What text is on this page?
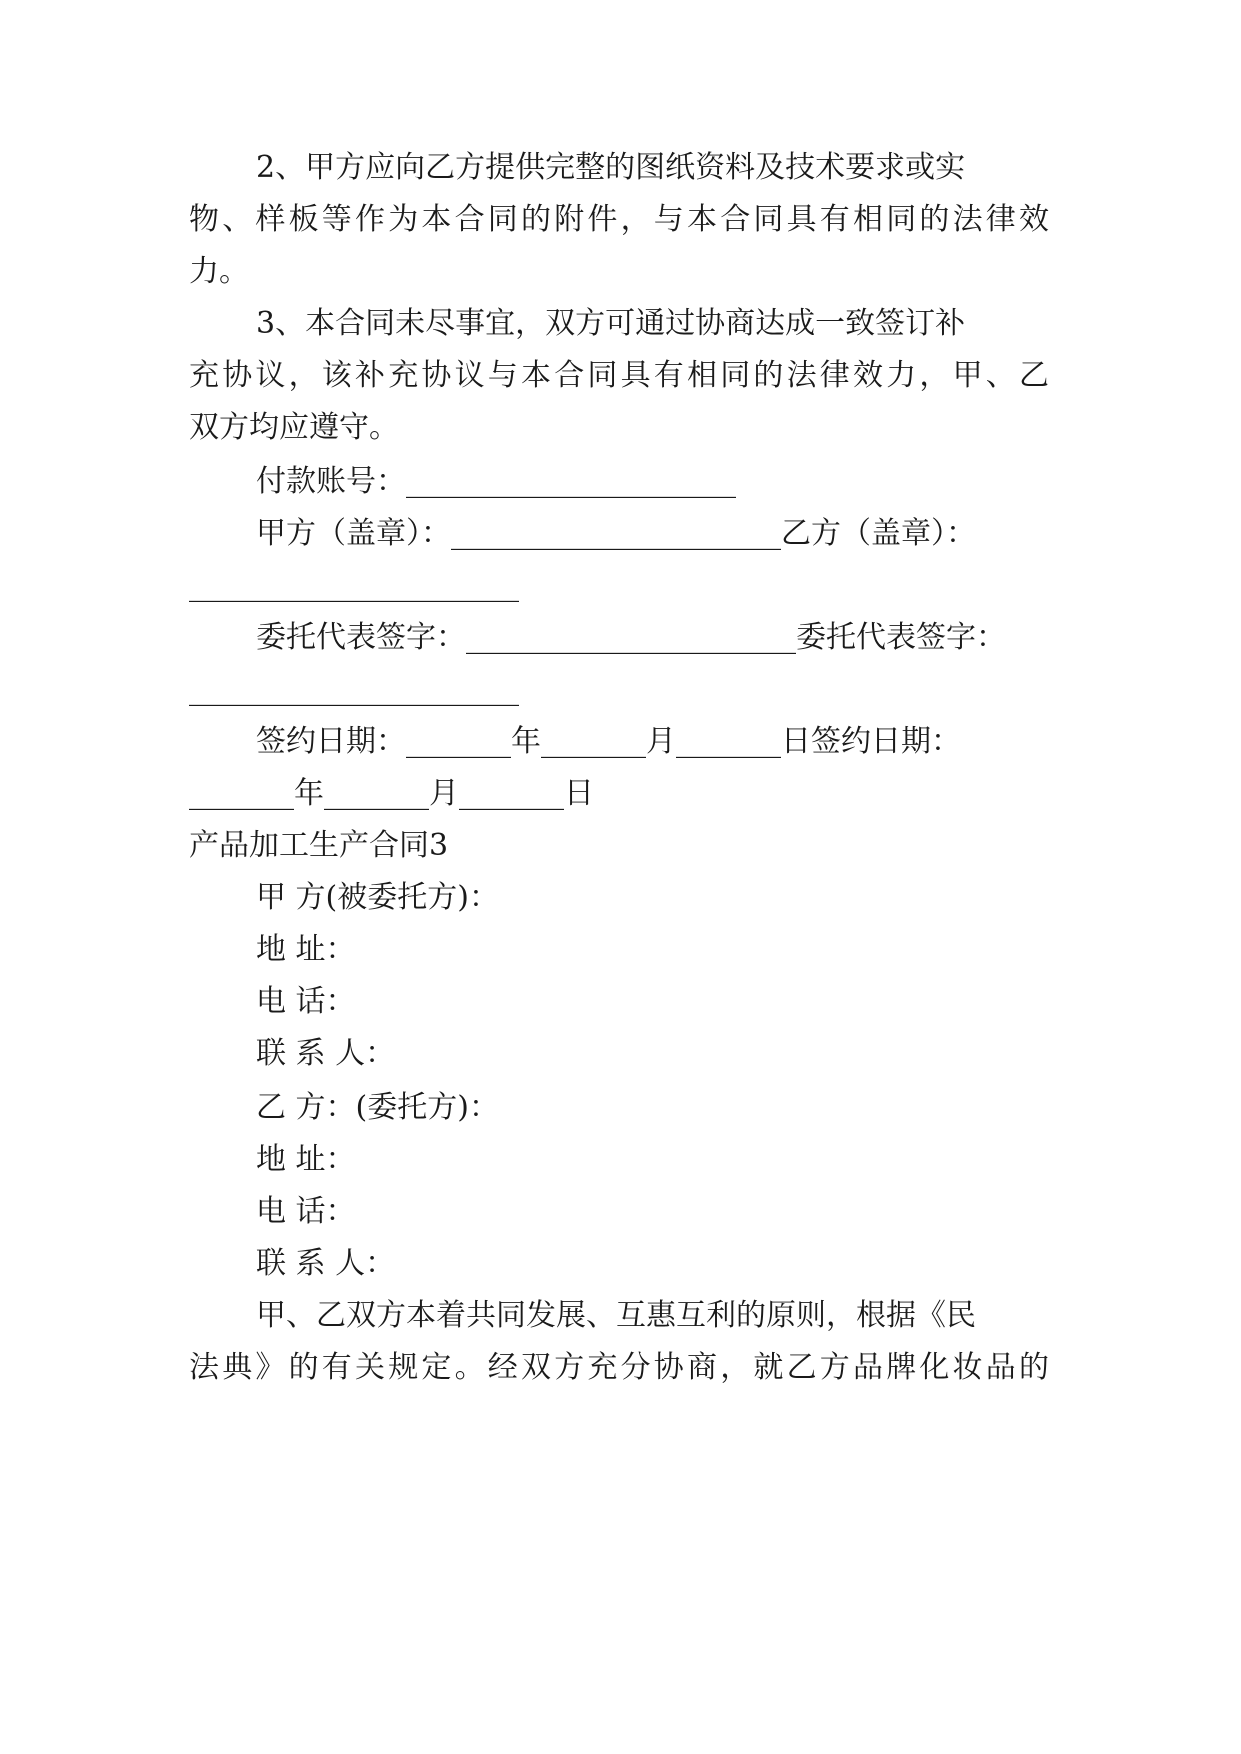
2、甲方应向乙方提供完整的图纸资料及技术要求或实
物、样板等作为本合同的附件，与本合同具有相同的法律效
力。
3、本合同未尽事宜，双方可通过协商达成一致签订补
充协议，该补充协议与本合同具有相同的法律效力，甲、乙
双方均应遵守。
付款账号：______________________
甲方（盖章）：______________________乙方（盖章）：
______________________
委托代表签字：______________________委托代表签字：
______________________
签约日期：_______年_______月_______日签约日期：
_______年_______月_______日
产品加工生产合同3
甲 方(被委托方)：
地 址：
电 话：
联 系 人：
乙 方：(委托方)：
地 址：
电 话：
联 系 人：
甲、乙双方本着共同发展、互惠互利的原则，根据《民
法典》的有关规定。经双方充分协商，就乙方品牌化妆品的
